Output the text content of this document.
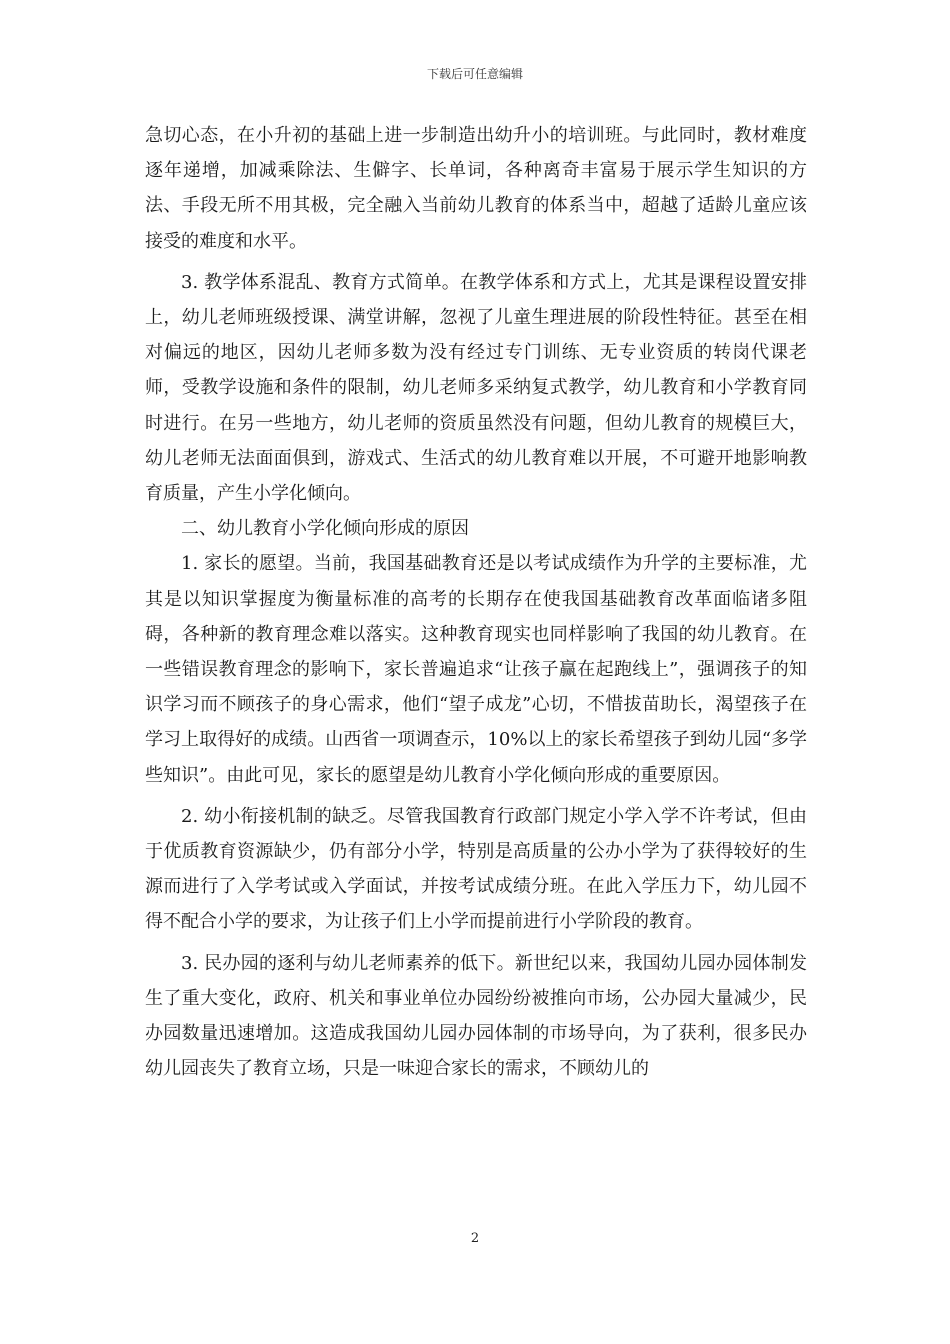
下载后可任意编辑

急切心态，在小升初的基础上进一步制造出幼升小的培训班。与此同时，教材难度逐年递增，加减乘除法、生僻字、长单词，各种离奇丰富易于展示学生知识的方法、手段无所不用其极，完全融入当前幼儿教育的体系当中，超越了适龄儿童应该接受的难度和水平。

3. 教学体系混乱、教育方式简单。在教学体系和方式上，尤其是课程设置安排上，幼儿老师班级授课、满堂讲解，忽视了儿童生理进展的阶段性特征。甚至在相对偏远的地区，因幼儿老师多数为没有经过专门训练、无专业资质的转岗代课老师，受教学设施和条件的限制，幼儿老师多采纳复式教学，幼儿教育和小学教育同时进行。在另一些地方，幼儿老师的资质虽然没有问题，但幼儿教育的规模巨大，幼儿老师无法面面俱到，游戏式、生活式的幼儿教育难以开展，不可避开地影响教育质量，产生小学化倾向。

二、幼儿教育小学化倾向形成的原因

1. 家长的愿望。当前，我国基础教育还是以考试成绩作为升学的主要标准，尤其是以知识掌握度为衡量标准的高考的长期存在使我国基础教育改革面临诸多阻碍，各种新的教育理念难以落实。这种教育现实也同样影响了我国的幼儿教育。在一些错误教育理念的影响下，家长普遍追求“让孩子赢在起跑线上”，强调孩子的知识学习而不顾孩子的身心需求，他们“望子成龙”心切，不惜拔苗助长，渴望孩子在学习上取得好的成绩。山西省一项调查示，10%以上的家长希望孩子到幼儿园“多学些知识”。由此可见，家长的愿望是幼儿教育小学化倾向形成的重要原因。

2. 幼小衔接机制的缺乏。尽管我国教育行政部门规定小学入学不许考试，但由于优质教育资源缺少，仍有部分小学，特别是高质量的公办小学为了获得较好的生源而进行了入学考试或入学面试，并按考试成绩分班。在此入学压力下，幼儿园不得不配合小学的要求，为让孩子们上小学而提前进行小学阶段的教育。

3. 民办园的逐利与幼儿老师素养的低下。新世纪以来，我国幼儿园办园体制发生了重大变化，政府、机关和事业单位办园纷纷被推向市场，公办园大量减少，民办园数量迅速增加。这造成我国幼儿园办园体制的市场导向，为了获利，很多民办幼儿园丧失了教育立场，只是一味迎合家长的需求，不顾幼儿的

2
